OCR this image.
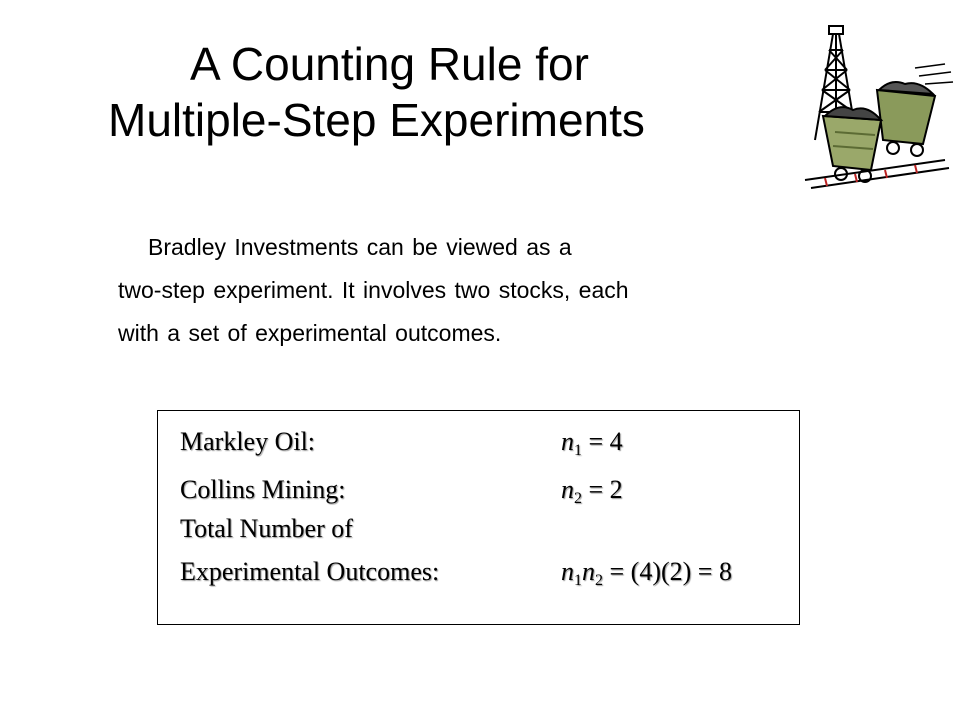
A Counting Rule for
Multiple-Step Experiments
Bradley Investments can be viewed as a
two-step experiment. It involves two stocks, each
with a set of experimental outcomes.
Markley Oil:	$n_1 = 4$
Collins Mining:	$n_2 = 2$
Total Number of
Experimental Outcomes:	$n_1n_2 = (4)(2) = 8$
